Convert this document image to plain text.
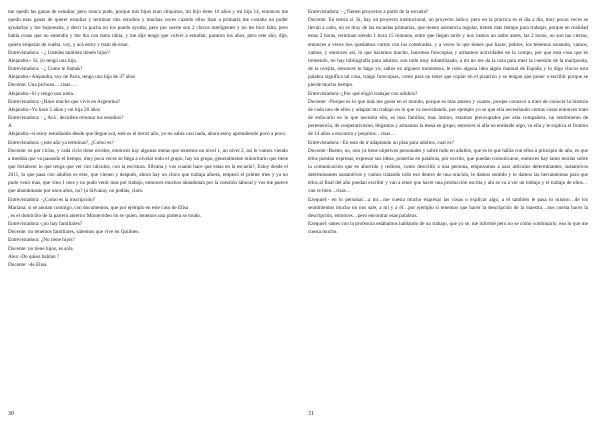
me quedó las ganas de estudiar, pero nunca pude, porque mis hijos eran chiquitos, mi hijo tiene 16 años y mi hija 14, entonces me quedo esas ganas de querer estudiar y terminar mis estudios y muchas veces cuando ellos iban a primaria me costaba no poder ayudarlos y me bajoneaba, y decir la pucha no los puedo ayudar, pero por suerte son 2 chicos inteligentes y no les hice falta, pero había cosas que no entendía y me iba con tanta rabia, y me dije tengo que volver a estudiar, pasaron los años, pero este año, dije, quiero empezar de vuelta. voy, y acá estoy y trato de estar.

Entrevistadora: - ¿ Ustedes también tienen hijos?

Alejandra:- Sí, yo tengo una hija.

Entrevistadora: - ¿ Como te llamás?

Alejandra:-Alejandra, soy de Paris, tengo una hija de 37 años

Docente: Una pichona….risas….

Alejandra:-Sí y tengo una nieta.

Entrevistadora:-¿Hace mucho que vivís en Argentina?

Alejandra:-Yo hace 5 años y mi hija 20 años

Entrevistadora: - ¿ Acá , decidiste retomar tus estudios?

A

Alejandra:-si estoy estudiando desde que llegue acá, este es el tercer año, yo no sabía casi nada, ahora estoy aprendiendo poco a poco.

Entrevistadora:-¿este año ya terminas?, ¿Como es?

Docente: es por ciclos, y cada ciclo tiene niveles, entonces hay algunas metas que tenemos un nivel 1, un nivel 2, así lo vamos viendo a medida que va pasando el tiempo, muy poca veces se llega a nivelar todo el grupo, hay un grupo, generalmente minoritario que tiene que fortalecer lo que tenga que ver con cálculos, con la escritura. Silvana y vos cuanto hace que estas en la escuela?, Estoy desde el 2011, lo que pasa con adultos es esto, que vienen y después, ahora hay un chico que trabaja afuera, empezó el primer mes y ya no pudo venir mas, que vino 1 mes y no pudo venir mas por trabajo, entonces muchos abandonan por la cuestión laboral y vos me parece que abandonaste por unos años, no? (a Silvana), no podías, claro.

Entrevistadora: -¿Como es la inscripción?

Mariana: si se anotan conmigo, con documentos, que por ejemplo en este caso de Elisa

, es el domicilio de la partera anterior Montevideo no se quien, tenemos una partera se mudo.

Entrevistadora:-¿no hay familiares?

Docente: no tenemos familiares, sabemos que vive en Quilmes.

Entrevistadora: ¿No tiene hijos?

Docente: no tiene hijos, es sola.

Alex:-Do quien hablan ?

Docente: -de Elisa.

30

Entrevistadora: - ¿Tienen proyectos a partir de la escuela?

Docente: En teoría sí. Sí, hay un proyecto institucional, un proyecto áulico, pero en la práctica es el día a día, muy pocas veces se llevan a cabo, no es muy de las escuelas primarias, que tienen asistencia regular, tienen más tiempo para trabajar, porque en realidad estas 2 horas, terminan siendo 1 hora 15 minutos, entre que llegan tarde y nos vamos un ratito antes, las 2 horas, no son tan ciertas, entonces a veces nos quedamos cortos con los contenidos, y a veces lo que tienes que hacer, pobres, los tenemos sonando, vamos, vamos, y entonces así, lo que hacemos mucho, hacemos fotocopias y armamos actividades en la compu, por que esta cosa que es tremendo, no hay bibliografía para adultos, son todo muy infantilizado, a mí no me da la cara para traer la cuestión de la mariposita, de la ovejita, entonces lo hago yo, saltos en algunos momentos, le robo alguna idea algún manual de España y lo digo chicos esta palabra significa tal cosa, traigo fotocopias, como para no tener que copiar en el pizarrón y se tengan que poner a escribir porque se pierde mucho tiempo.

Entrevistadora:-¿Por qué eligió trabajar con adultos?

Docente: -Porque es lo que más me gusta en el mundo, porque es más ameno y cuanto, porque conozco a traer de conocer la historia de cada uno de ellos y adaptar mi trabajo en lo que va necesitando, por ejemplo yo se que ella necesitando ciertas cosas entonces trato de enfocarlo en lo que necesita ella, es mas familiar, mas íntimo, estamos preocupados por esta compañera, un sentimiento de pertenencia, de cooperativismo, llegamos y armamos la mesa en grupo, entonces si alla no entiende algo, va ella y le explica el fronton de 14 años a encontra y pequitos…risas…

Entrevistadora:- En esto de ir adaptando un plan para adultos, cual es?

Docente:-Bueno, no, uno ya tiene objetivos personales y sobre todo en adultos, que es lo que había con ellos a principio de año, es que ellos puedan expresar, expresar sus ideas, ponerlas en palabras, por escrito, que puedan comunicarse, entonces hay tanto teorías sobre la comunicación que es aburrido y tedioso, como describir a una persona, empezamos a usar artículos determinantes, sustantivos determinantes sustantivos y vamos tratando todo eso dentro de una oración, le damos sentido y le damos las herramientas para que ellos al final del año puedan escribir y van a tener que hacer una producción escrita y ahí se va a ver un trabajo y el trabajo de ellos…van re bien…risas…

Ezequiel:- en lo personal…a mi…me cuesta mucho expresar las cosas o explicar algo, a él también le pasa lo mismo…de los sentimientos mucho no nos sale, a mí y a él…por ejemplo si tenemos que hacer la descripción de la maestra…nos cuesta hacer la descripción, entonces…pero encontrar esas palabras.

Ezequiel:-antes con la profesora estábamos hablando de un trabajo, que yo se, me informé pero no se cómo continuarlo, eso lo que me cuesta mucho.

31
